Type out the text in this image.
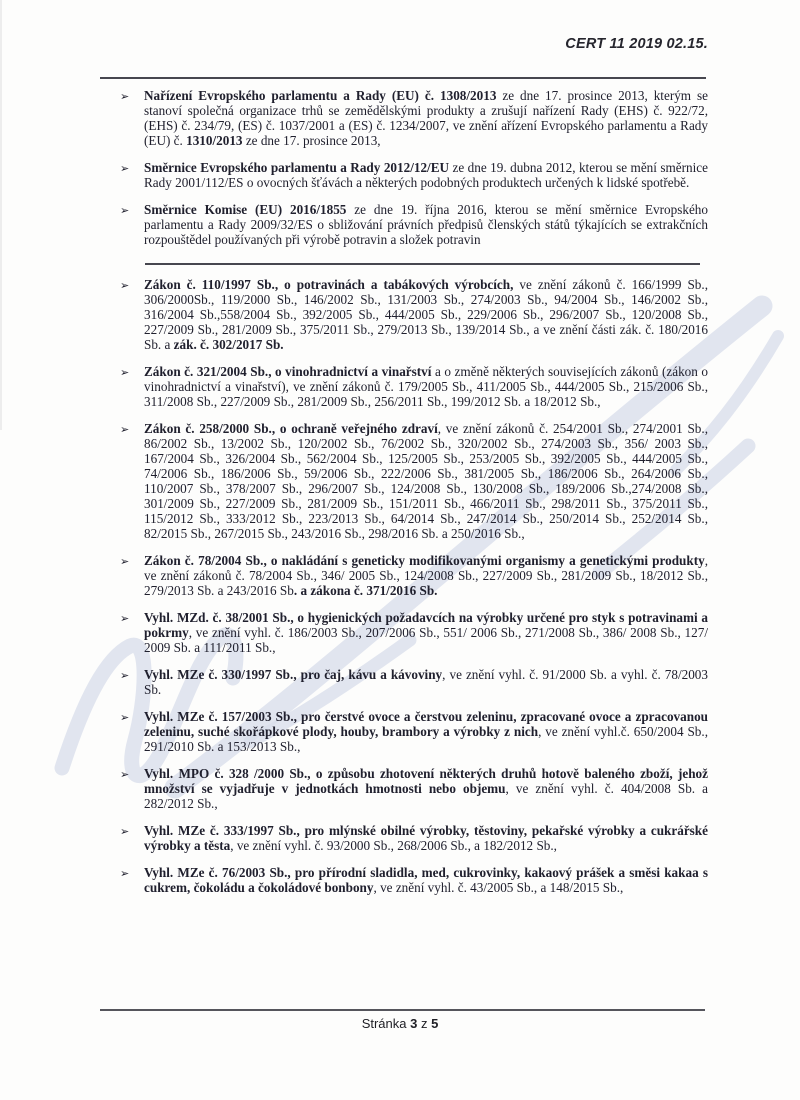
CERT 11 2019 02.15.
➢ Nařízení Evropského parlamentu a Rady (EU) č. 1308/2013 ze dne 17. prosince 2013, kterým se stanoví společná organizace trhů se zemědělskými produkty a zrušují nařízení Rady (EHS) č. 922/72, (EHS) č. 234/79, (ES) č. 1037/2001 a (ES) č. 1234/2007, ve znění ařízení Evropského parlamentu a Rady (EU) č. 1310/2013 ze dne 17. prosince 2013,

➢ Směrnice Evropského parlamentu a Rady 2012/12/EU ze dne 19. dubna 2012, kterou se mění směrnice Rady 2001/112/ES o ovocných šťávách a některých podobných produktech určených k lidské spotřebě.

➢ Směrnice Komise (EU) 2016/1855 ze dne 19. října 2016, kterou se mění směrnice Evropského parlamentu a Rady 2009/32/ES o sbližování právních předpisů členských států týkajících se extrakčních rozpouštědel používaných při výrobě potravin a složek potravin

➢ Zákon č. 110/1997 Sb., o potravinách a tabákových výrobcích, ve znění zákonů č. 166/1999 Sb., 306/2000Sb., 119/2000 Sb., 146/2002 Sb., 131/2003 Sb., 274/2003 Sb., 94/2004 Sb., 146/2002 Sb., 316/2004 Sb.,558/2004 Sb., 392/2005 Sb., 444/2005 Sb., 229/2006 Sb., 296/2007 Sb., 120/2008 Sb., 227/2009 Sb., 281/2009 Sb., 375/2011 Sb., 279/2013 Sb., 139/2014 Sb., a ve znění části zák. č. 180/2016 Sb. a zák. č. 302/2017 Sb.

➢ Zákon č. 321/2004 Sb., o vinohradnictví a vinařství a o změně některých souvisejících zákonů (zákon o vinohradnictví a vinařství), ve znění zákonů č. 179/2005 Sb., 411/2005 Sb., 444/2005 Sb., 215/2006 Sb., 311/2008 Sb., 227/2009 Sb., 281/2009 Sb., 256/2011 Sb., 199/2012 Sb. a 18/2012 Sb.,

➢ Zákon č. 258/2000 Sb., o ochraně veřejného zdraví, ve znění zákonů č. 254/2001 Sb., 274/2001 Sb., 86/2002 Sb., 13/2002 Sb., 120/2002 Sb., 76/2002 Sb., 320/2002 Sb., 274/2003 Sb., 356/ 2003 Sb., 167/2004 Sb., 326/2004 Sb., 562/2004 Sb., 125/2005 Sb., 253/2005 Sb., 392/2005 Sb., 444/2005 Sb., 74/2006 Sb., 186/2006 Sb., 59/2006 Sb., 222/2006 Sb., 381/2005 Sb., 186/2006 Sb., 264/2006 Sb., 110/2007 Sb., 378/2007 Sb., 296/2007 Sb., 124/2008 Sb., 130/2008 Sb., 189/2006 Sb.,274/2008 Sb., 301/2009 Sb., 227/2009 Sb., 281/2009 Sb., 151/2011 Sb., 466/2011 Sb., 298/2011 Sb., 375/2011 Sb., 115/2012 Sb., 333/2012 Sb., 223/2013 Sb., 64/2014 Sb., 247/2014 Sb., 250/2014 Sb., 252/2014 Sb., 82/2015 Sb., 267/2015 Sb., 243/2016 Sb., 298/2016 Sb. a 250/2016 Sb.,

➢ Zákon č. 78/2004 Sb., o nakládání s geneticky modifikovanými organismy a genetickými produkty, ve znění zákonů č. 78/2004 Sb., 346/ 2005 Sb., 124/2008 Sb., 227/2009 Sb., 281/2009 Sb., 18/2012 Sb., 279/2013 Sb. a 243/2016 Sb. a zákona č. 371/2016 Sb.

➢ Vyhl. MZd. č. 38/2001 Sb., o hygienických požadavcích na výrobky určené pro styk s potravinami a pokrmy, ve znění vyhl. č. 186/2003 Sb., 207/2006 Sb., 551/ 2006 Sb., 271/2008 Sb., 386/ 2008 Sb., 127/ 2009 Sb. a 111/2011 Sb.,

➢ Vyhl. MZe č. 330/1997 Sb., pro čaj, kávu a kávoviny, ve znění vyhl. č. 91/2000 Sb. a vyhl. č. 78/2003 Sb.

➢ Vyhl. MZe č. 157/2003 Sb., pro čerstvé ovoce a čerstvou zeleninu, zpracované ovoce a zpracovanou zeleninu, suché skořápkové plody, houby, brambory a výrobky z nich, ve znění vyhl.č. 650/2004 Sb., 291/2010 Sb. a 153/2013 Sb.,

➢ Vyhl. MPO č. 328 /2000 Sb., o způsobu zhotovení některých druhů hotově baleného zboží, jehož množství se vyjadřuje v jednotkách hmotnosti nebo objemu, ve znění vyhl. č. 404/2008 Sb. a 282/2012 Sb.,

➢ Vyhl. MZe č. 333/1997 Sb., pro mlýnské obilné výrobky, těstoviny, pekařské výrobky a cukrářské výrobky a těsta, ve znění vyhl. č. 93/2000 Sb., 268/2006 Sb., a 182/2012 Sb.,

➢ Vyhl. MZe č. 76/2003 Sb., pro přírodní sladidla, med, cukrovinky, kakaový prášek a směsi kakaa s cukrem, čokoládu a čokoládové bonbony, ve znění vyhl. č. 43/2005 Sb., a 148/2015 Sb.,

Stránka 3 z 5
